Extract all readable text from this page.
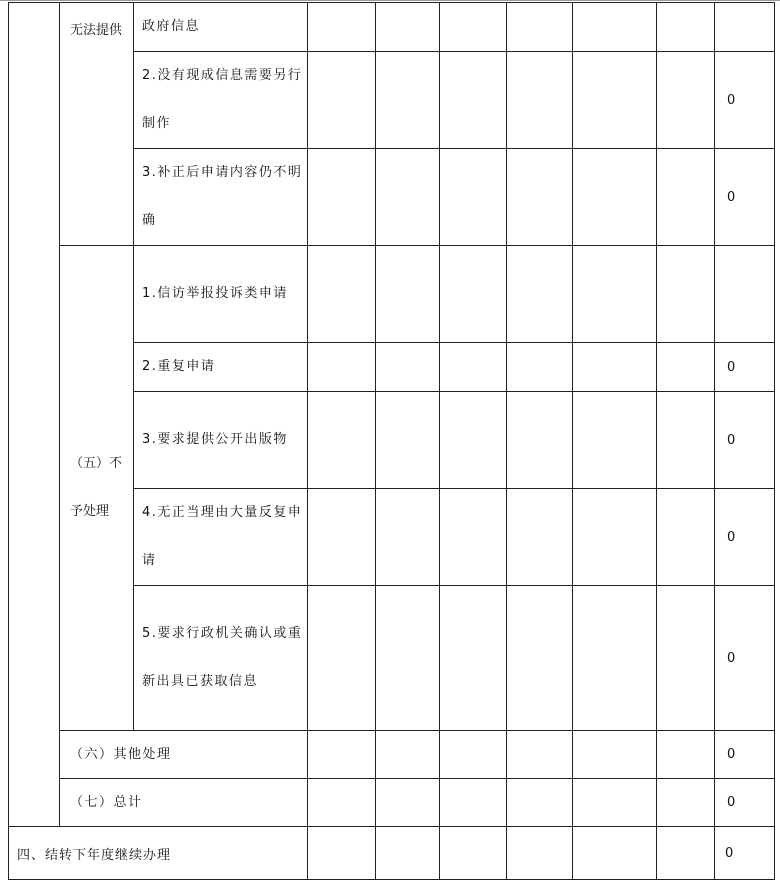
	无法提供	政府信息							
		2.没有现成信息需要另行制作							0
		3.补正后申请内容仍不明确							0

	（五）不予处理	1.信访举报投诉类申请							
		2.重复申请							0
		3.要求提供公开出版物							0
		4.无正当理由大量反复申请							0
		5.要求行政机关确认或重新出具已获取信息							0
	（六）其他处理								0
	（七）总计								0
四、结转下年度继续办理									0
